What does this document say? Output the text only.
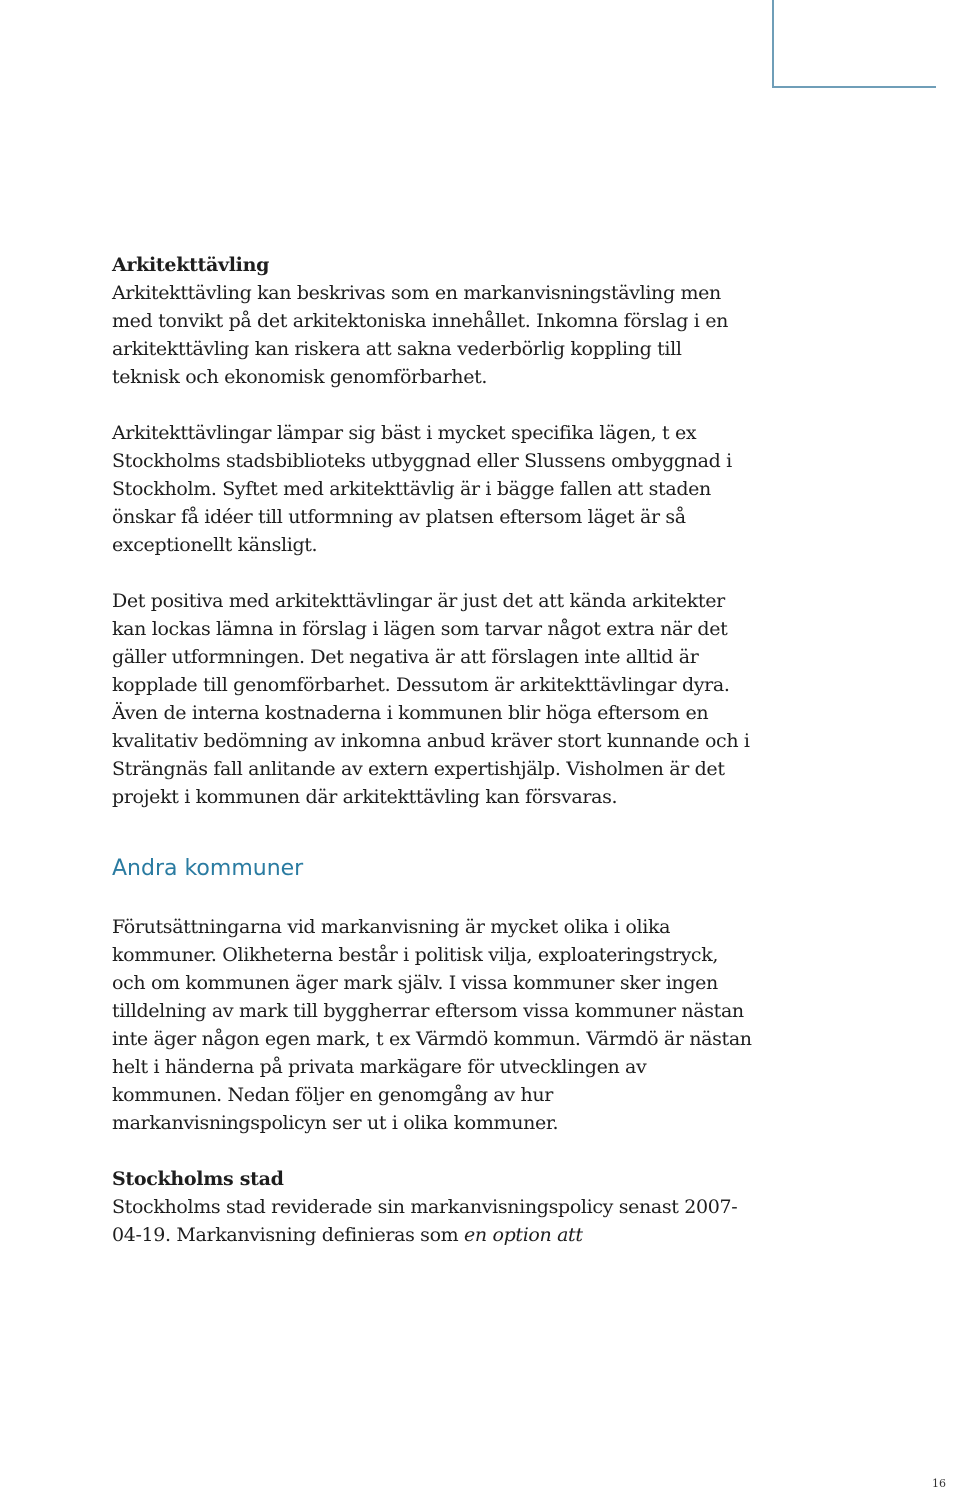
Arkitekttävling

Arkitekttävling kan beskrivas som en markanvisningstävling men med tonvikt på det arkitektoniska innehållet. Inkomna förslag i en arkitekttävling kan riskera att sakna vederbörlig koppling till teknisk och ekonomisk genomförbarhet.

Arkitekttävlingar lämpar sig bäst i mycket specifika lägen, t ex Stockholms stadsbiblioteks utbyggnad eller Slussens ombyggnad i Stockholm. Syftet med arkitekttävlig är i bägge fallen att staden önskar få idéer till utformning av platsen eftersom läget är så exceptionellt känsligt.

Det positiva med arkitekttävlingar är just det att kända arkitekter kan lockas lämna in förslag i lägen som tarvar något extra när det gäller utformningen. Det negativa är att förslagen inte alltid är kopplade till genomförbarhet. Dessutom är arkitekttävlingar dyra. Även de interna kostnaderna i kommunen blir höga eftersom en kvalitativ bedömning av inkomna anbud kräver stort kunnande och i Strängnäs fall anlitande av extern expertishjälp. Visholmen är det projekt i kommunen där arkitekttävling kan försvaras.

Andra kommuner

Förutsättningarna vid markanvisning är mycket olika i olika kommuner. Olikheterna består i politisk vilja, exploateringstryck, och om kommunen äger mark själv. I vissa kommuner sker ingen tilldelning av mark till byggherrar eftersom vissa kommuner nästan inte äger någon egen mark, t ex Värmdö kommun. Värmdö är nästan helt i händerna på privata markägare för utvecklingen av kommunen. Nedan följer en genomgång av hur markanvisningspolicyn ser ut i olika kommuner.

Stockholms stad

Stockholms stad reviderade sin markanvisningspolicy senast 2007-04-19. Markanvisning definieras som en option att

16
